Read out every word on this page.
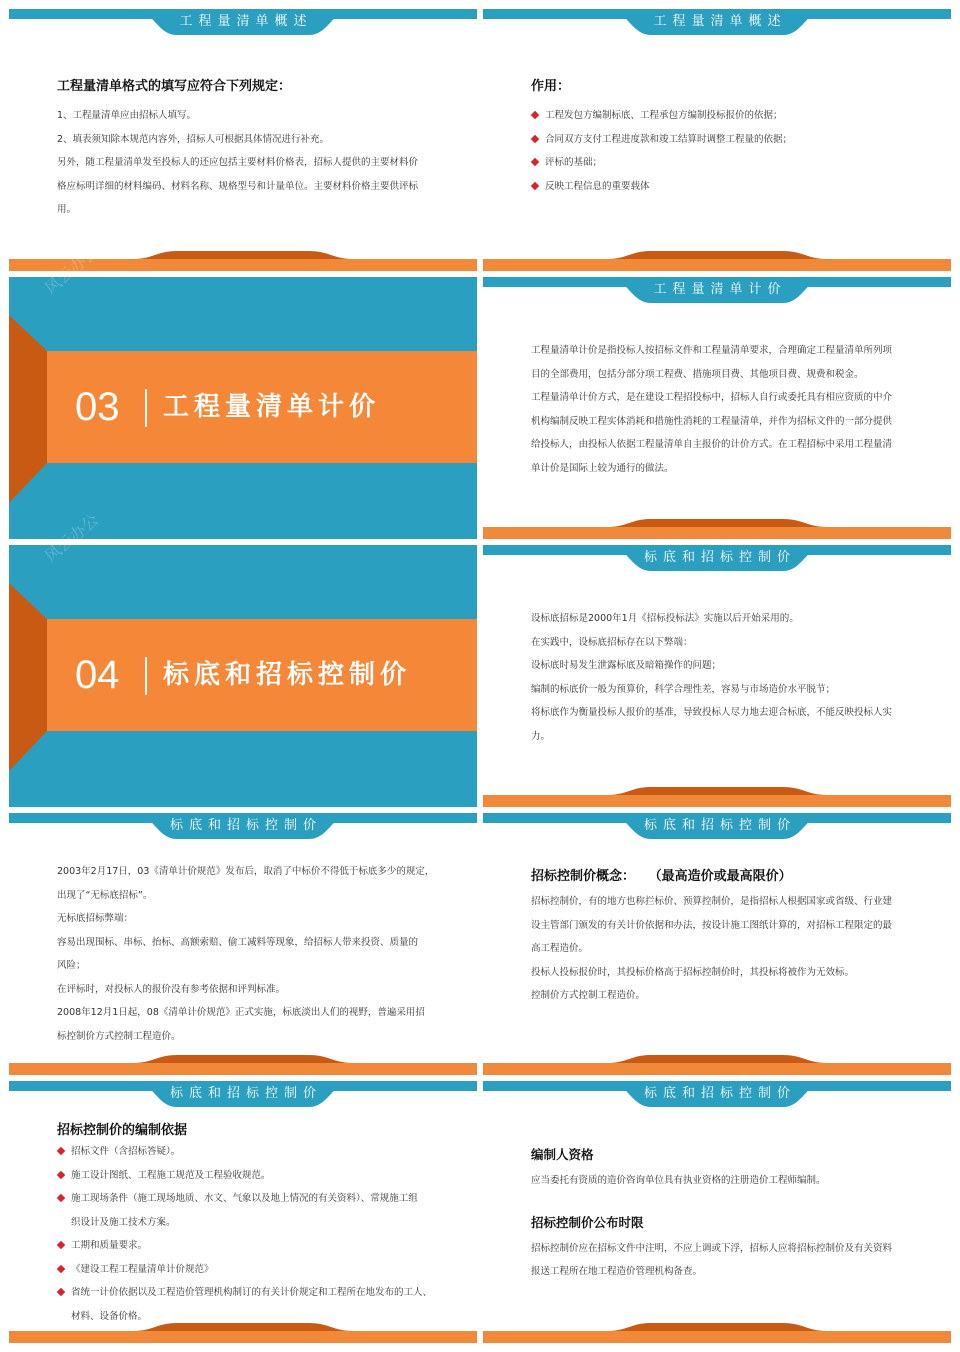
工程量清单概述
工程量清单格式的填写应符合下列规定：

1、工程量清单应由招标人填写。

2、填表须知除本规范内容外，招标人可根据具体情况进行补充。

另外，随工程量清单发至投标人的还应包括主要材料价格表，招标人提供的主要材料价

格应标明详细的材料编码、材料名称、规格型号和计量单位。主要材料价格主要供评标

用。

工程量清单概述
作用：

工程发包方编制标底、工程承包方编制投标报价的依据；

合同双方支付工程进度款和竣工结算时调整工程量的依据；

评标的基础；

反映工程信息的重要载体

风云办公
03 工程量清单计价
工程量清单计价

工程量清单计价是指投标人按招标文件和工程量清单要求，合理确定工程量清单所列项

目的全部费用，包括分部分项工程费、措施项目费、其他项目费、规费和税金。

工程量清单计价方式，是在建设工程招投标中，招标人自行或委托具有相应资质的中介

机构编制反映工程实体消耗和措施性消耗的工程量清单，并作为招标文件的一部分提供

给投标人，由投标人依据工程量清单自主报价的计价方式。在工程招标中采用工程量清

单计价是国际上较为通行的做法。

风云办公
04 标底和招标控制价
标底和招标控制价

设标底招标是2000年1月《招标投标法》实施以后开始采用的。

在实践中，设标底招标存在以下弊端：

设标底时易发生泄露标底及暗箱操作的问题；

编制的标底价一般为预算价，科学合理性差，容易与市场造价水平脱节；

将标底作为衡量投标人报价的基准，导致投标人尽力地去迎合标底，不能反映投标人实

力。

标底和招标控制价

2003年2月17日，03《清单计价规范》发布后，取消了中标价不得低于标底多少的规定，

出现了“无标底招标”。

无标底招标弊端：

容易出现围标、串标、抬标、高额索赔、偷工减料等现象，给招标人带来投资、质量的

风险；

在评标时，对投标人的报价没有参考依据和评判标准。

2008年12月1日起，08《清单计价规范》正式实施，标底淡出人们的视野，普遍采用招

标控制价方式控制工程造价。

标底和招标控制价
招标控制价概念：   （最高造价或最高限价）

招标控制价，有的地方也称拦标价、预算控制价，是指招标人根据国家或省级、行业建

设主管部门颁发的有关计价依据和办法，按设计施工图纸计算的，对招标工程限定的最

高工程造价。

投标人投标报价时，其投标价格高于招标控制价时，其投标将被作为无效标。

控制价方式控制工程造价。

标底和招标控制价
招标控制价的编制依据

招标文件（含招标答疑）。

施工设计图纸、工程施工规范及工程验收规范。

施工现场条件（施工现场地质、水文、气象以及地上情况的有关资料）、常规施工组

织设计及施工技术方案。

工期和质量要求。

《建设工程工程量清单计价规范》

省统一计价依据以及工程造价管理机构制订的有关计价规定和工程所在地发布的工人、

材料、设备价格。

标底和招标控制价
编制人资格

应当委托有资质的造价咨询单位具有执业资格的注册造价工程师编制。

招标控制价公布时限

招标控制价应在招标文件中注明，不应上调或下浮，招标人应将招标控制价及有关资料

报送工程所在地工程造价管理机构备查。
